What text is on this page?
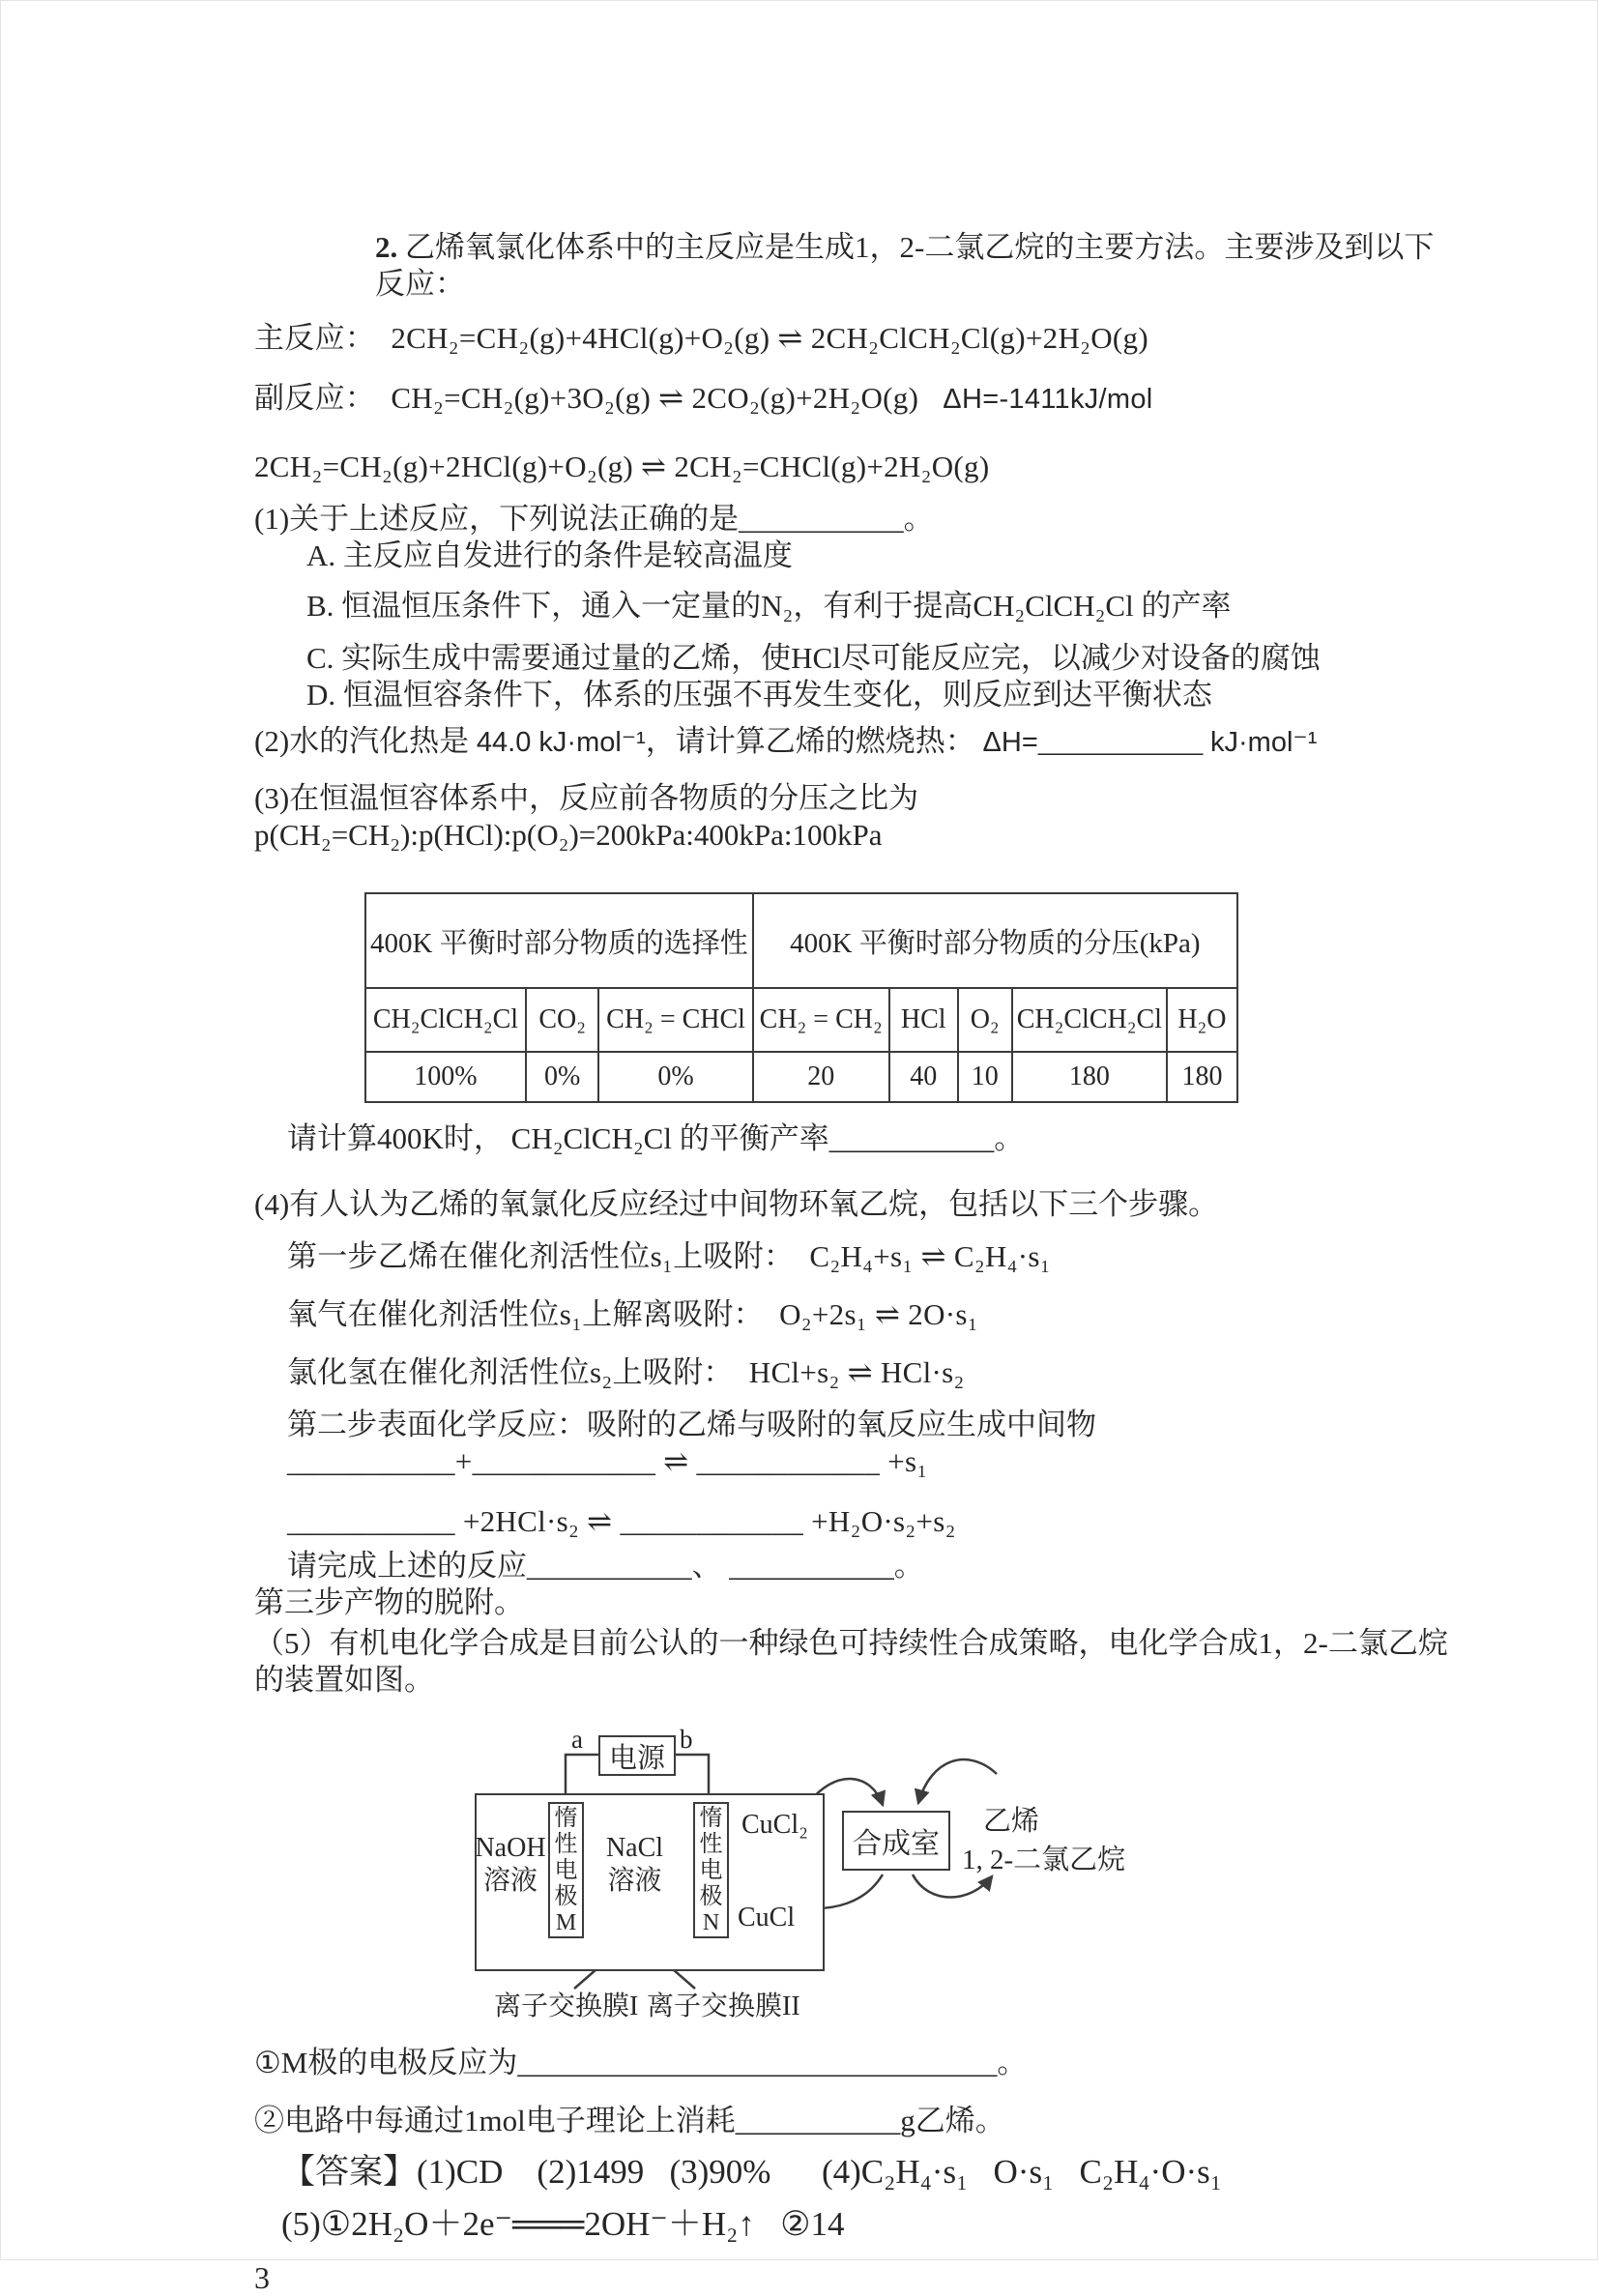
2. 乙烯氧氯化体系中的主反应是生成1，2-二氯乙烷的主要方法。主要涉及到以下反应：

主反应：  2CH₂=CH₂(g)+4HCl(g)+O₂(g) ⇌ 2CH₂ClCH₂Cl(g)+2H₂O(g)

副反应：  CH₂=CH₂(g)+3O₂(g) ⇌ 2CO₂(g)+2H₂O(g)   ΔH=-1411kJ/mol

2CH₂=CH₂(g)+2HCl(g)+O₂(g) ⇌ 2CH₂=CHCl(g)+2H₂O(g)

(1)关于上述反应，下列说法正确的是___________。

A. 主反应自发进行的条件是较高温度

B. 恒温恒压条件下，通入一定量的N₂，有利于提高CH₂ClCH₂Cl 的产率

C. 实际生成中需要通过量的乙烯，使HCl尽可能反应完，以减少对设备的腐蚀

D. 恒温恒容条件下，体系的压强不再发生变化，则反应到达平衡状态

(2)水的汽化热是 44.0 kJ·mol⁻¹，请计算乙烯的燃烧热： ΔH=___________ kJ·mol⁻¹

(3)在恒温恒容体系中，反应前各物质的分压之比为p(CH₂=CH₂):p(HCl):p(O₂)=200kPa:400kPa:100kPa

400K 平衡时部分物质的选择性			400K 平衡时部分物质的分压(kPa)				
CH₂ClCH₂Cl	CO₂	CH₂ = CHCl	CH₂ = CH₂	HCl	O₂	CH₂ClCH₂Cl	H₂O
100%	0%	0%	20	40	10	180	180

请计算400K时， CH₂ClCH₂Cl 的平衡产率___________。

(4)有人认为乙烯的氧氯化反应经过中间物环氧乙烷，包括以下三个步骤。

第一步乙烯在催化剂活性位s₁上吸附：  C₂H₄+s₁ ⇌ C₂H₄·s₁

氧气在催化剂活性位s₁上解离吸附：  O₂+2s₁ ⇌ 2O·s₁

氯化氢在催化剂活性位s₂上吸附：  HCl+s₂ ⇌ HCl·s₂

第二步表面化学反应：吸附的乙烯与吸附的氧反应生成中间物

___________+____________ ⇌ ____________ +s₁

___________ +2HCl·s₂ ⇌ ____________ +H₂O·s₂+s₂

请完成上述的反应___________、 ___________。

第三步产物的脱附。

（5）有机电化学合成是目前公认的一种绿色可持续性合成策略，电化学合成1，2-二氯乙烷的装置如图。

电源
a	b
NaOH
溶液
惰性电极
M
NaCl
溶液
惰性电极
N
CuCl₂
CuCl
合成室
乙烯
1, 2-二氯乙烷
离子交换膜I 离子交换膜II

①M极的电极反应为________________________________。

②电路中每通过1mol电子理论上消耗___________g乙烯。

【答案】(1)CD    (2)1499   (3)90%      (4)C₂H₄·s₁   O·s₁   C₂H₄·O·s₁

(5)①2H₂O＋2e⁻═══2OH⁻＋H₂↑   ②14

3
